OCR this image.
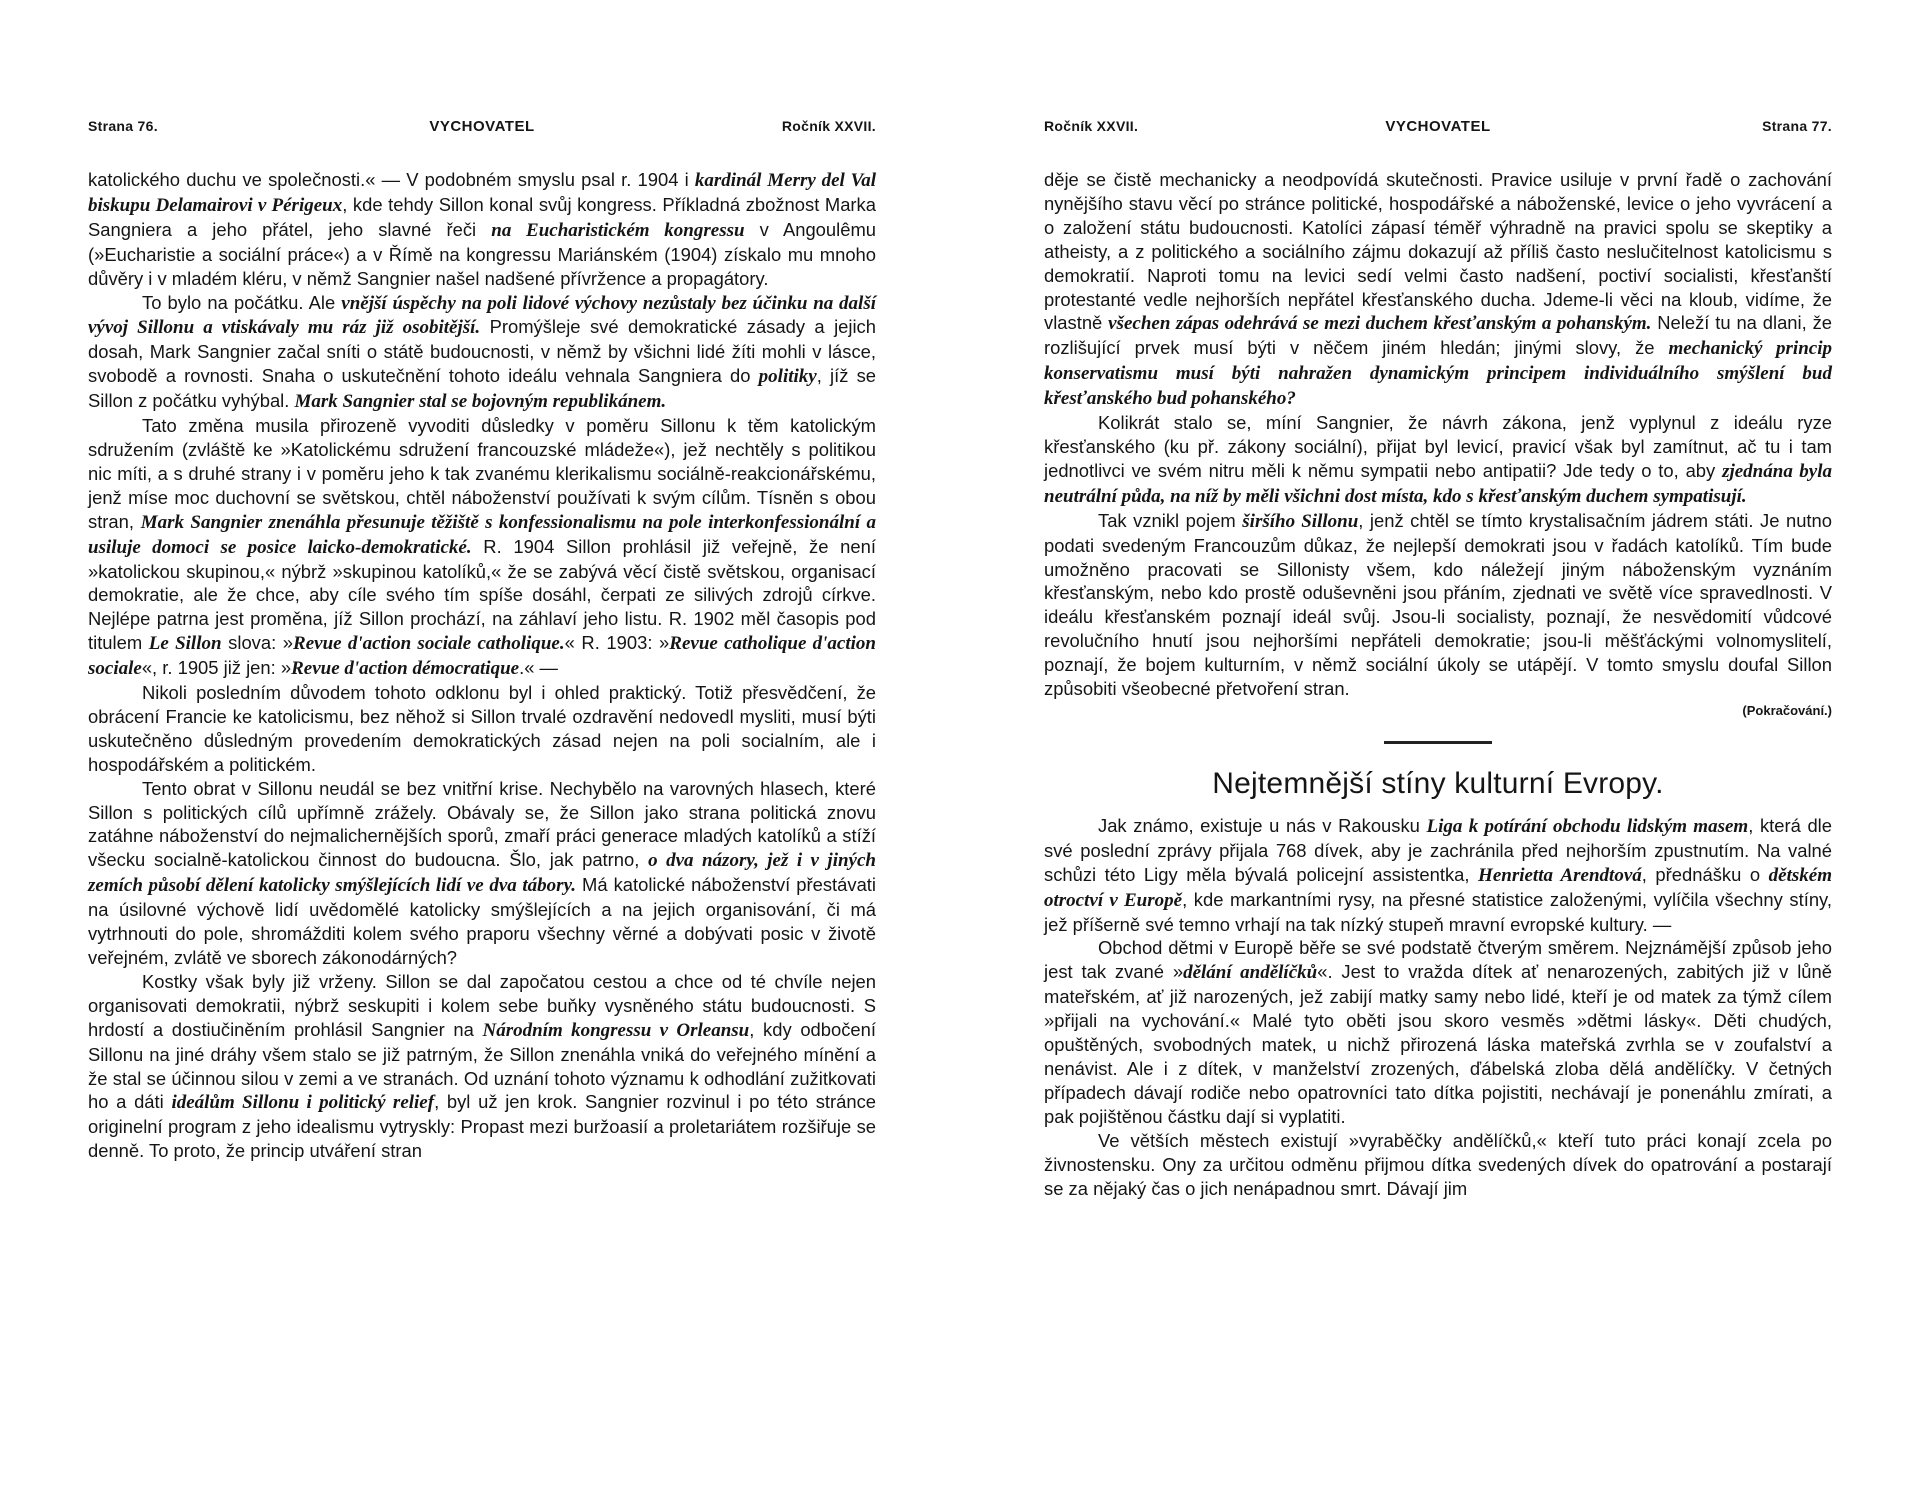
Strana 76.	VYCHOVATEL	Ročník XXVII.

katolického duchu ve společnosti.« — V podobném smyslu psal r. 1904 i kardinál Merry del Val biskupu Delamairovi v Périgeux, kde tehdy Sillon konal svůj kongress. Příkladná zbožnost Marka Sangniera a jeho přátel, jeho slavné řeči na Eucharistickém kongressu v Angoulêmu (»Eucharistie a sociální práce«) a v Římě na kongressu Mariánském (1904) získalo mu mnoho důvěry i v mladém kléru, v němž Sangnier našel nadšené přívržence a propagátory.

To bylo na počátku. Ale vnější úspěchy na poli lidové výchovy nezůstaly bez účinku na další vývoj Sillonu a vtiskávaly mu ráz již osobitější. Promýšleje své demokratické zásady a jejich dosah, Mark Sangnier začal sníti o státě budoucnosti, v němž by všichni lidé žíti mohli v lásce, svobodě a rovnosti. Snaha o uskutečnění tohoto ideálu vehnala Sangniera do politiky, jíž se Sillon z počátku vyhýbal. Mark Sangnier stal se bojovným republikánem.

Tato změna musila přirozeně vyvoditi důsledky v poměru Sillonu k těm katolickým sdružením (zvláště ke »Katolickému sdružení francouzské mládeže«), jež nechtěly s politikou nic míti, a s druhé strany i v poměru jeho k tak zvanému klerikalismu sociálně-reakcionářskému, jenž míse moc duchovní se světskou, chtěl náboženství používati k svým cílům. Tísněn s obou stran, Mark Sangnier znenáhla přesunuje těžiště s konfessionalismu na pole interkonfessionální a usiluje domoci se posice laicko-demokratické. R. 1904 Sillon prohlásil již veřejně, že není »katolickou skupinou,« nýbrž »skupinou katolíků,« že se zabývá věcí čistě světskou, organisací demokratie, ale že chce, aby cíle svého tím spíše dosáhl, čerpati ze silivých zdrojů církve. Nejlépe patrna jest proměna, jíž Sillon prochází, na záhlaví jeho listu. R. 1902 měl časopis pod titulem Le Sillon slova: »Revue d'action sociale catholique.« R. 1903: »Revue catholique d'action sociale«, r. 1905 již jen: »Revue d'action démocratique.« —

Nikoli posledním důvodem tohoto odklonu byl i ohled praktický. Totiž přesvědčení, že obrácení Francie ke katolicismu, bez něhož si Sillon trvalé ozdravění nedovedl mysliti, musí býti uskutečněno důsledným provedením demokratických zásad nejen na poli socialním, ale i hospodářském a politickém.

Tento obrat v Sillonu neudál se bez vnitřní krise. Nechybělo na varovných hlasech, které Sillon s politických cílů upřímně zrážely. Obávaly se, že Sillon jako strana politická znovu zatáhne náboženství do nejmalichernějších sporů, zmaří práci generace mladých katolíků a stíží všecku socialně-katolickou činnost do budoucna. Šlo, jak patrno, o dva názory, jež i v jiných zemích působí dělení katolicky smýšlejících lidí ve dva tábory. Má katolické náboženství přestávati na úsilovné výchově lidí uvědomělé katolicky smýšlejících a na jejich organisování, či má vytrhnouti do pole, shromážditi kolem svého praporu všechny věrné a dobývati posic v životě veřejném, zvlátě ve sborech zákonodárných?

Kostky však byly již vrženy. Sillon se dal započatou cestou a chce od té chvíle nejen organisovati demokratii, nýbrž seskupiti i kolem sebe buňky vysněného státu budoucnosti. S hrdostí a dostiučiněním prohlásil Sangnier na Národním kongressu v Orleansu, kdy odbočení Sillonu na jiné dráhy všem stalo se již patrným, že Sillon znenáhla vniká do veřejného mínění a že stal se účinnou silou v zemi a ve stranách. Od uznání tohoto významu k odhodlání zužitkovati ho a dáti ideálům Sillonu i politický relief, byl už jen krok. Sangnier rozvinul i po této stránce originelní program z jeho idealismu vytryskly: Propast mezi buržoasií a proletariátem rozšiřuje se denně. To proto, že princip utváření stran

Ročník XXVII.	VYCHOVATEL	Strana 77.

děje se čistě mechanicky a neodpovídá skutečnosti. Pravice usiluje v první řadě o zachování nynějšího stavu věcí po stránce politické, hospodářské a náboženské, levice o jeho vyvrácení a o založení státu budoucnosti. Katolíci zápasí téměř výhradně na pravici spolu se skeptiky a atheisty, a z politického a sociálního zájmu dokazují až příliš často neslučitelnost katolicismu s demokratií. Naproti tomu na levici sedí velmi často nadšení, poctiví socialisti, křesťanští protestanté vedle nejhorších nepřátel křesťanského ducha. Jdeme-li věci na kloub, vidíme, že vlastně všechen zápas odehrává se mezi duchem křesťanským a pohanským. Neleží tu na dlani, že rozlišující prvek musí býti v něčem jiném hledán; jinými slovy, že mechanický princip konservatismu musí býti nahražen dynamickým principem individuálního smýšlení bud křesťanského bud pohanského?

Kolikrát stalo se, míní Sangnier, že návrh zákona, jenž vyplynul z ideálu ryze křesťanského (ku př. zákony sociální), přijat byl levicí, pravicí však byl zamítnut, ač tu i tam jednotlivci ve svém nitru měli k němu sympatii nebo antipatii? Jde tedy o to, aby zjednána byla neutrální půda, na níž by měli všichni dost místa, kdo s křesťanským duchem sympatisují.

Tak vznikl pojem širšího Sillonu, jenž chtěl se tímto krystalisačním jádrem státi. Je nutno podati svedeným Francouzům důkaz, že nejlepší demokrati jsou v řadách katolíků. Tím bude umožněno pracovati se Sillonisty všem, kdo náležejí jiným náboženským vyznáním křesťanským, nebo kdo prostě oduševněni jsou přáním, zjednati ve světě více spravedlnosti. V ideálu křesťanském poznají ideál svůj. Jsou-li socialisty, poznají, že nesvědomití vůdcové revolučního hnutí jsou nejhoršími nepřáteli demokratie; jsou-li měšťáckými volnomyslitelí, poznají, že bojem kulturním, v němž sociální úkoly se utápějí. V tomto smyslu doufal Sillon způsobiti všeobecné přetvoření stran.

(Pokračování.)
Nejtemnější stíny kulturní Evropy.

Jak známo, existuje u nás v Rakousku Liga k potírání obchodu lidským masem, která dle své poslední zprávy přijala 768 dívek, aby je zachránila před nejhorším zpustnutím. Na valné schůzi této Ligy měla bývalá policejní assistentka, Henrietta Arendtová, přednášku o dětském otroctví v Europě, kde markantními rysy, na přesné statistice založenými, vylíčila všechny stíny, jež příšerně své temno vrhají na tak nízký stupeň mravní evropské kultury. —

Obchod dětmi v Europě běře se své podstatě čtverým směrem. Nejznámější způsob jeho jest tak zvané »dělání andělíčků«. Jest to vražda dítek ať nenarozených, zabitých již v lůně mateřském, ať již narozených, jež zabijí matky samy nebo lidé, kteří je od matek za týmž cílem »přijali na vychování.« Malé tyto oběti jsou skoro vesměs »dětmi lásky«. Děti chudých, opuštěných, svobodných matek, u nichž přirozená láska mateřská zvrhla se v zoufalství a nenávist. Ale i z dítek, v manželství zrozených, ďábelská zloba dělá andělíčky. V četných případech dávají rodiče nebo opatrovníci tato dítka pojistiti, nechávají je ponenáhlu zmírati, a pak pojištěnou částku dají si vyplatiti.

Ve větších městech existují »vyraběčky andělíčků,« kteří tuto práci konají zcela po živnostensku. Ony za určitou odměnu přijmou dítka svedených dívek do opatrování a postarají se za nějaký čas o jich nenápadnou smrt. Dávají jim
